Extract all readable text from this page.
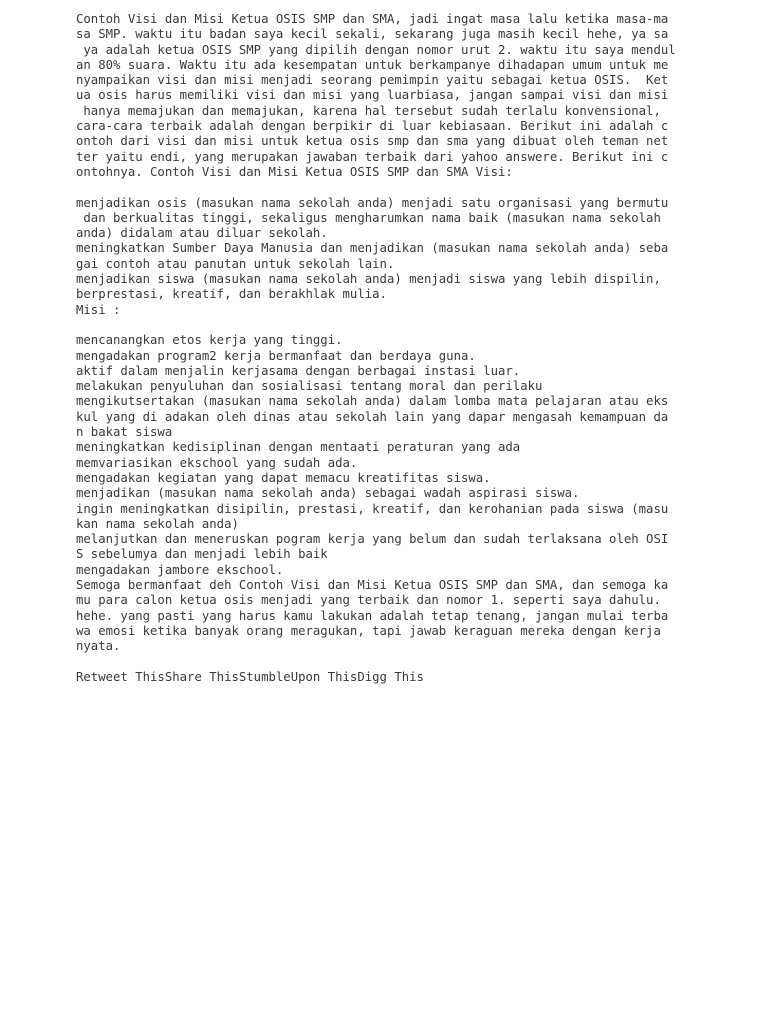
Contoh Visi dan Misi Ketua OSIS SMP dan SMA, jadi ingat masa lalu ketika masa-ma
sa SMP. waktu itu badan saya kecil sekali, sekarang juga masih kecil hehe, ya sa
ya adalah ketua OSIS SMP yang dipilih dengan nomor urut 2. waktu itu saya mendul
an 80% suara. Waktu itu ada kesempatan untuk berkampanye dihadapan umum untuk me
nyampaikan visi dan misi menjadi seorang pemimpin yaitu sebagai ketua OSIS.  Ket
ua osis harus memiliki visi dan misi yang luarbiasa, jangan sampai visi dan misi
hanya memajukan dan memajukan, karena hal tersebut sudah terlalu konvensional,
cara-cara terbaik adalah dengan berpikir di luar kebiasaan. Berikut ini adalah c
ontoh dari visi dan misi untuk ketua osis smp dan sma yang dibuat oleh teman net
ter yaitu endi, yang merupakan jawaban terbaik dari yahoo answere. Berikut ini c
ontohnya. Contoh Visi dan Misi Ketua OSIS SMP dan SMA Visi:
menjadikan osis (masukan nama sekolah anda) menjadi satu organisasi yang bermutu
dan berkualitas tinggi, sekaligus mengharumkan nama baik (masukan nama sekolah
anda) didalam atau diluar sekolah.
meningkatkan Sumber Daya Manusia dan menjadikan (masukan nama sekolah anda) seba
gai contoh atau panutan untuk sekolah lain.
menjadikan siswa (masukan nama sekolah anda) menjadi siswa yang lebih dispilin,
berprestasi, kreatif, dan berakhlak mulia.
Misi :
mencanangkan etos kerja yang tinggi.
mengadakan program2 kerja bermanfaat dan berdaya guna.
aktif dalam menjalin kerjasama dengan berbagai instasi luar.
melakukan penyuluhan dan sosialisasi tentang moral dan perilaku
mengikutsertakan (masukan nama sekolah anda) dalam lomba mata pelajaran atau eks
kul yang di adakan oleh dinas atau sekolah lain yang dapar mengasah kemampuan da
n bakat siswa
meningkatkan kedisiplinan dengan mentaati peraturan yang ada
memvariasikan ekschool yang sudah ada.
mengadakan kegiatan yang dapat memacu kreatifitas siswa.
menjadikan (masukan nama sekolah anda) sebagai wadah aspirasi siswa.
ingin meningkatkan disipilin, prestasi, kreatif, dan kerohanian pada siswa (masu
kan nama sekolah anda)
melanjutkan dan meneruskan pogram kerja yang belum dan sudah terlaksana oleh OSI
S sebelumya dan menjadi lebih baik
mengadakan jambore ekschool.
Semoga bermanfaat deh Contoh Visi dan Misi Ketua OSIS SMP dan SMA, dan semoga ka
mu para calon ketua osis menjadi yang terbaik dan nomor 1. seperti saya dahulu.
hehe. yang pasti yang harus kamu lakukan adalah tetap tenang, jangan mulai terba
wa emosi ketika banyak orang meragukan, tapi jawab keraguan mereka dengan kerja
nyata.
Retweet ThisShare ThisStumbleUpon ThisDigg This
